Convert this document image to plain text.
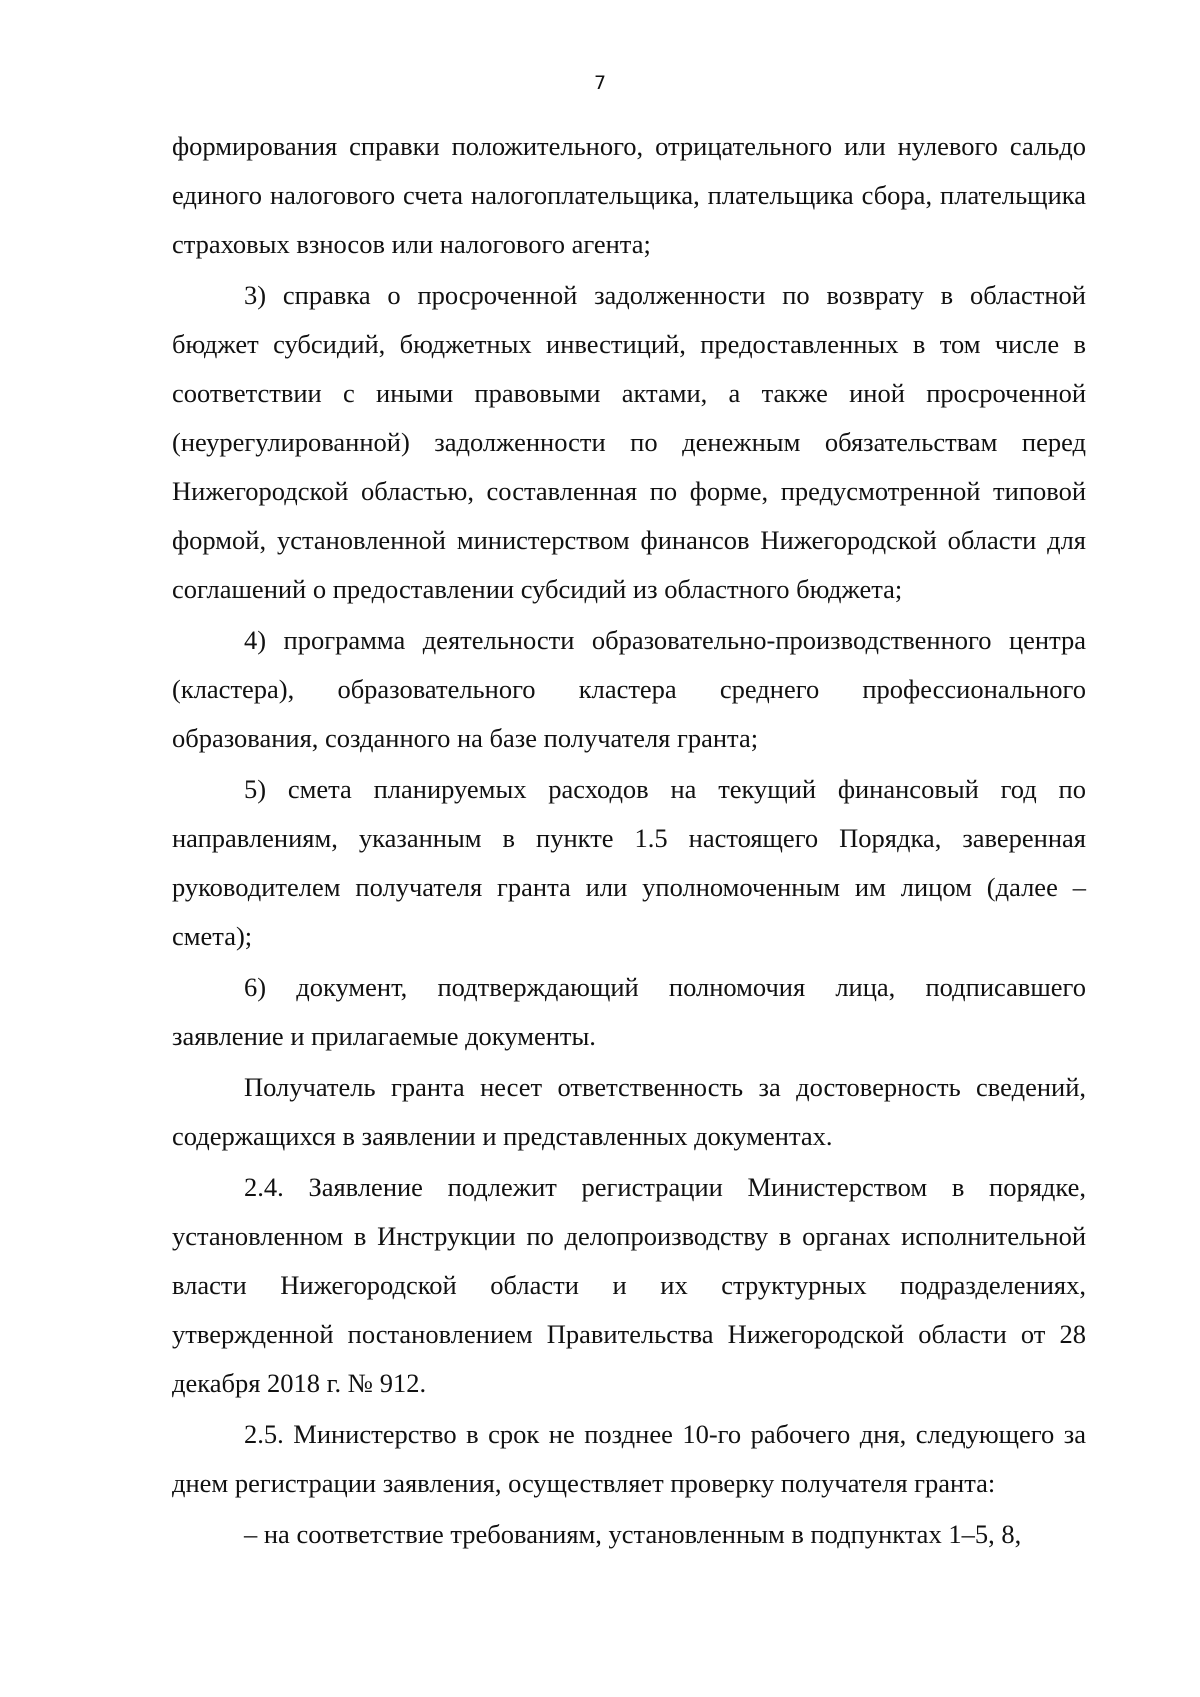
7

формирования справки положительного, отрицательного или нулевого сальдо единого налогового счета налогоплательщика, плательщика сбора, плательщика страховых взносов или налогового агента;

3) справка о просроченной задолженности по возврату в областной бюджет субсидий, бюджетных инвестиций, предоставленных в том числе в соответствии с иными правовыми актами, а также иной просроченной (неурегулированной) задолженности по денежным обязательствам перед Нижегородской областью, составленная по форме, предусмотренной типовой формой, установленной министерством финансов Нижегородской области для соглашений о предоставлении субсидий из областного бюджета;

4) программа деятельности образовательно-производственного центра (кластера), образовательного кластера среднего профессионального образования, созданного на базе получателя гранта;

5) смета планируемых расходов на текущий финансовый год по направлениям, указанным в пункте 1.5 настоящего Порядка, заверенная руководителем получателя гранта или уполномоченным им лицом (далее – смета);

6) документ, подтверждающий полномочия лица, подписавшего заявление и прилагаемые документы.

Получатель гранта несет ответственность за достоверность сведений, содержащихся в заявлении и представленных документах.

2.4. Заявление подлежит регистрации Министерством в порядке, установленном в Инструкции по делопроизводству в органах исполнительной власти Нижегородской области и их структурных подразделениях, утвержденной постановлением Правительства Нижегородской области от 28 декабря 2018 г. № 912.

2.5. Министерство в срок не позднее 10-го рабочего дня, следующего за днем регистрации заявления, осуществляет проверку получателя гранта:

– на соответствие требованиям, установленным в подпунктах 1–5, 8,
